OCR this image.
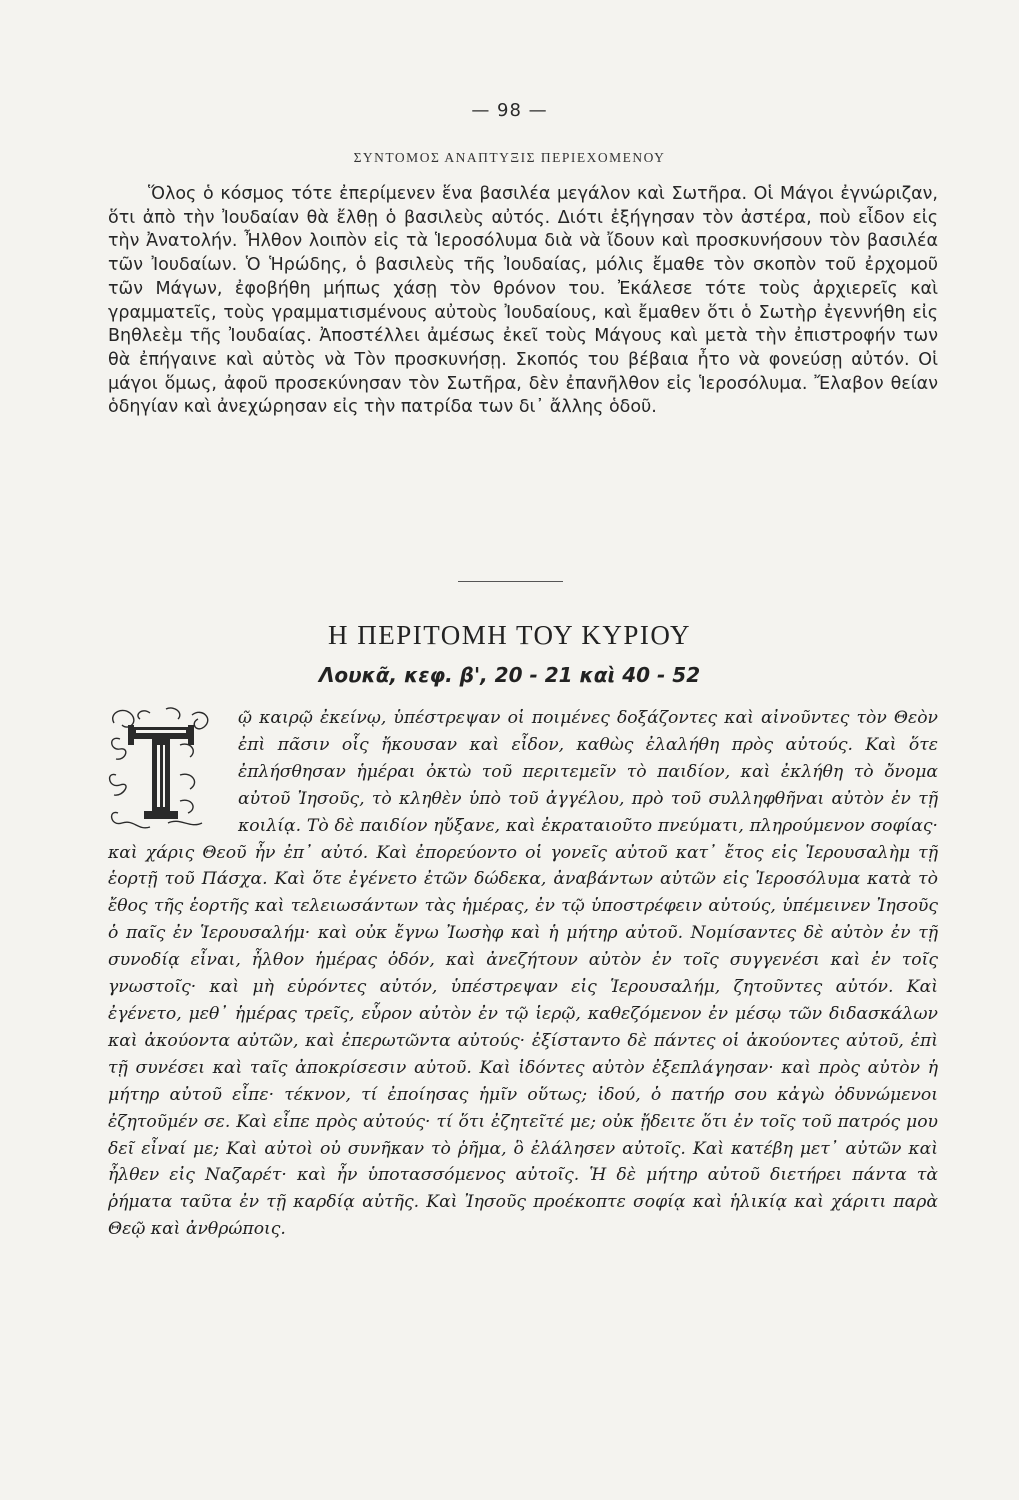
— 98 —
ΣΥΝΤΟΜΟΣ ΑΝΑΠΤΥΞΙΣ ΠΕΡΙΕΧΟΜΕΝΟΥ

Ὅλος ὁ κόσμος τότε ἐπερίμενεν ἕνα βασιλέα μεγάλον καὶ Σωτῆρα. Οἱ Μάγοι ἐγνώριζαν, ὅτι ἀπὸ τὴν Ἰουδαίαν θὰ ἔλθῃ ὁ βασιλεὺς αὐτός. Διότι ἐξήγησαν τὸν ἀστέρα, ποὺ εἶδον εἰς τὴν Ἀνατολήν. Ἦλθον λοιπὸν εἰς τὰ Ἱεροσόλυμα διὰ νὰ ἴδουν καὶ προσκυνήσουν τὸν βασιλέα τῶν Ἰουδαίων. Ὁ Ἡρώδης, ὁ βασιλεὺς τῆς Ἰουδαίας, μόλις ἔμαθε τὸν σκοπὸν τοῦ ἐρχομοῦ τῶν Μάγων, ἐφοβήθη μήπως χάσῃ τὸν θρόνον του. Ἐκάλεσε τότε τοὺς ἀρχιερεῖς καὶ γραμματεῖς, τοὺς γραμματισμένους αὐτοὺς Ἰουδαίους, καὶ ἔμαθεν ὅτι ὁ Σωτὴρ ἐγεννήθη εἰς Βηθλεὲμ τῆς Ἰουδαίας. Ἀποστέλλει ἀμέσως ἐκεῖ τοὺς Μάγους καὶ μετὰ τὴν ἐπιστροφήν των θὰ ἐπήγαινε καὶ αὐτὸς νὰ Τὸν προσκυνήσῃ. Σκοπός του βέβαια ἦτο νὰ φονεύσῃ αὐτόν. Οἱ μάγοι ὅμως, ἀφοῦ προσεκύνησαν τὸν Σωτῆρα, δὲν ἐπανῆλθον εἰς Ἱεροσόλυμα. Ἔλαβον θείαν ὁδηγίαν καὶ ἀνεχώρησαν εἰς τὴν πατρίδα των δι᾽ ἄλλης ὁδοῦ.

Η ΠΕΡΙΤΟΜΗ ΤΟΥ ΚΥΡΙΟΥ
Λουκᾶ, κεφ. β', 20 - 21 καὶ 40 - 52
ῷ καιρῷ ἐκείνῳ, ὑπέστρεψαν οἱ ποιμένες δοξάζοντες καὶ αἰνοῦντες τὸν Θεὸν ἐπὶ πᾶσιν οἷς ἤκουσαν καὶ εἶδον, καθὼς ἐλαλήθη πρὸς αὐτούς. Καὶ ὅτε ἐπλήσθησαν ἡμέραι ὀκτὼ τοῦ περιτεμεῖν τὸ παιδίον, καὶ ἐκλήθη τὸ ὄνομα αὐτοῦ Ἰησοῦς, τὸ κληθὲν ὑπὸ τοῦ ἀγγέλου, πρὸ τοῦ συλληφθῆναι αὐτὸν ἐν τῇ κοιλίᾳ. Τὸ δὲ παιδίον ηὔξανε, καὶ ἐκραταιοῦτο πνεύματι, πληρούμενον σοφίας· καὶ χάρις Θεοῦ ἦν ἐπ᾽ αὐτό. Καὶ ἐπορεύοντο οἱ γονεῖς αὐτοῦ κατ᾽ ἔτος εἰς Ἱερουσαλὴμ τῇ ἑορτῇ τοῦ Πάσχα. Καὶ ὅτε ἐγένετο ἐτῶν δώδεκα, ἀναβάντων αὐτῶν εἰς Ἱεροσόλυμα κατὰ τὸ ἔθος τῆς ἑορτῆς καὶ τελειωσάντων τὰς ἡμέρας, ἐν τῷ ὑποστρέφειν αὐτούς, ὑπέμεινεν Ἰησοῦς ὁ παῖς ἐν Ἱερουσαλήμ· καὶ οὐκ ἔγνω Ἰωσὴφ καὶ ἡ μήτηρ αὐτοῦ. Νομίσαντες δὲ αὐτὸν ἐν τῇ συνοδίᾳ εἶναι, ἦλθον ἡμέρας ὁδόν, καὶ ἀνεζήτουν αὐτὸν ἐν τοῖς συγγενέσι καὶ ἐν τοῖς γνωστοῖς· καὶ μὴ εὑρόντες αὐτόν, ὑπέστρεψαν εἰς Ἱερουσαλήμ, ζητοῦντες αὐτόν. Καὶ ἐγένετο, μεθ᾽ ἡμέρας τρεῖς, εὗρον αὐτὸν ἐν τῷ ἱερῷ, καθεζόμενον ἐν μέσῳ τῶν διδασκάλων καὶ ἀκούοντα αὐτῶν, καὶ ἐπερωτῶντα αὐτούς· ἐξίσταντο δὲ πάντες οἱ ἀκούοντες αὐτοῦ, ἐπὶ τῇ συνέσει καὶ ταῖς ἀποκρίσεσιν αὐτοῦ. Καὶ ἰδόντες αὐτὸν ἐξεπλάγησαν· καὶ πρὸς αὐτὸν ἡ μήτηρ αὐτοῦ εἶπε· τέκνον, τί ἐποίησας ἡμῖν οὕτως; ἰδού, ὁ πατήρ σου κἀγὼ ὀδυνώμενοι ἐζητοῦμέν σε. Καὶ εἶπε πρὸς αὐτούς· τί ὅτι ἐζητεῖτέ με; οὐκ ᾔδειτε ὅτι ἐν τοῖς τοῦ πατρός μου δεῖ εἶναί με; Καὶ αὐτοὶ οὐ συνῆκαν τὸ ῥῆμα, ὃ ἐλάλησεν αὐτοῖς. Καὶ κατέβη μετ᾽ αὐτῶν καὶ ἦλθεν εἰς Ναζαρέτ· καὶ ἦν ὑποτασσόμενος αὐτοῖς. Ἡ δὲ μήτηρ αὐτοῦ διετήρει πάντα τὰ ῥήματα ταῦτα ἐν τῇ καρδίᾳ αὐτῆς. Καὶ Ἰησοῦς προέκοπτε σοφίᾳ καὶ ἡλικίᾳ καὶ χάριτι παρὰ Θεῷ καὶ ἀνθρώποις.
